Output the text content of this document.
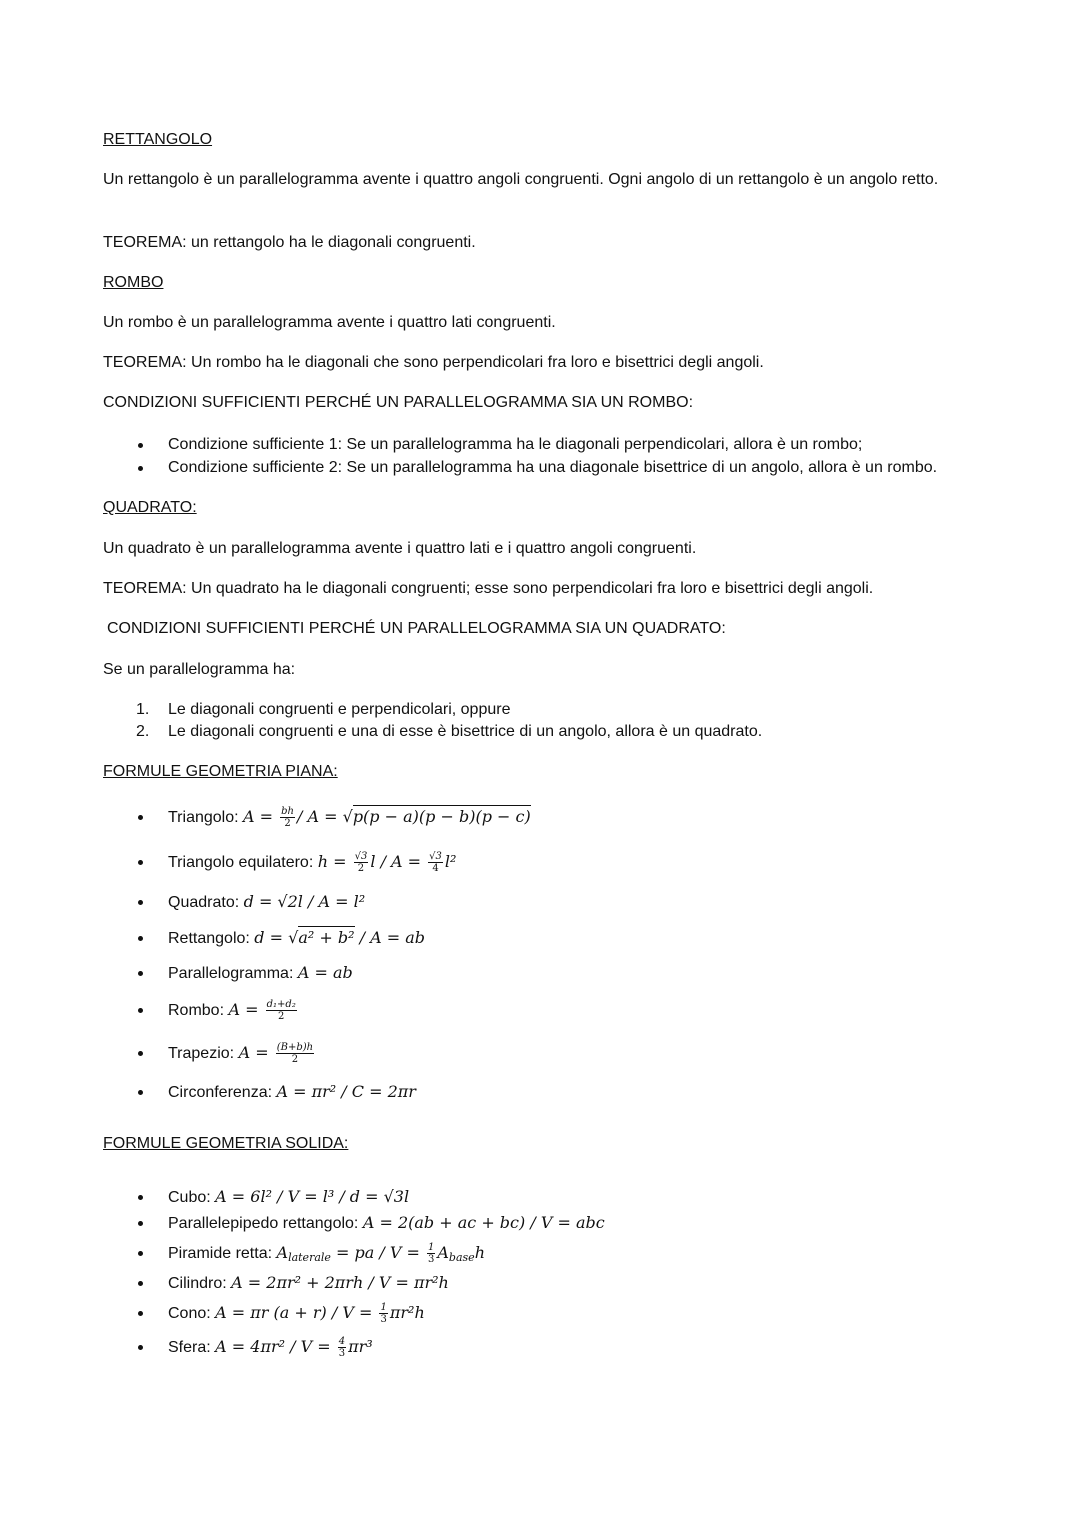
RETTANGOLO

Un rettangolo è un parallelogramma avente i quattro angoli congruenti. Ogni angolo di un rettangolo è un angolo retto.

TEOREMA: un rettangolo ha le diagonali congruenti.

ROMBO

Un rombo è un parallelogramma avente i quattro lati congruenti.

TEOREMA: Un rombo ha le diagonali che sono perpendicolari fra loro e bisettrici degli angoli.

CONDIZIONI SUFFICIENTI PERCHÉ UN PARALLELOGRAMMA SIA UN ROMBO:

Condizione sufficiente 1: Se un parallelogramma ha le diagonali perpendicolari, allora è un rombo;
Condizione sufficiente 2: Se un parallelogramma ha una diagonale bisettrice di un angolo, allora è un rombo.

QUADRATO:

Un quadrato è un parallelogramma avente i quattro lati e i quattro angoli congruenti.

TEOREMA: Un quadrato ha le diagonali congruenti; esse sono perpendicolari fra loro e bisettrici degli angoli.

CONDIZIONI SUFFICIENTI PERCHÉ UN PARALLELOGRAMMA SIA UN QUADRATO:

Se un parallelogramma ha:

1. Le diagonali congruenti e perpendicolari, oppure
2. Le diagonali congruenti e una di esse è bisettrice di un angolo, allora è un quadrato.

FORMULE GEOMETRIA PIANA:

Triangolo: $A = \frac{bh}{2} / A = √p(p - a)(p - b)(p - c)$
Triangolo equilatero: $h = \frac{√3}{2}$ $l / A = \frac{√3}{4} l^2$
Quadrato: d = √2l / A = l²
Rettangolo: d = √a² + b² / A = ab
Parallelogramma: A = ab
Rombo: $A = \frac{\text{d₁+d₂}}{2}$
Trapezio: $A = \frac{(B+b)h}{2}$
Circonferenza: A = πr² / C = 2πr

FORMULE GEOMETRIA SOLIDA:

Cubo: A = 6l² / V = l³ / d = √3l
Parallelepipedo rettangolo: A = 2(ab + ac + bc) / V = abc
Piramide retta: $A_{laterale}$ = pa / $V = \frac{1}{3} A_{base}h$
Cilindro: A = 2πr² + 2πrh / V = πr²h
Cono: A = πr $(a + r) / V = \frac{1}{3} \pi r^2h$
Sfera: $A = 4\pi r^2 / V = \frac{4}{3} \pi r^3$
